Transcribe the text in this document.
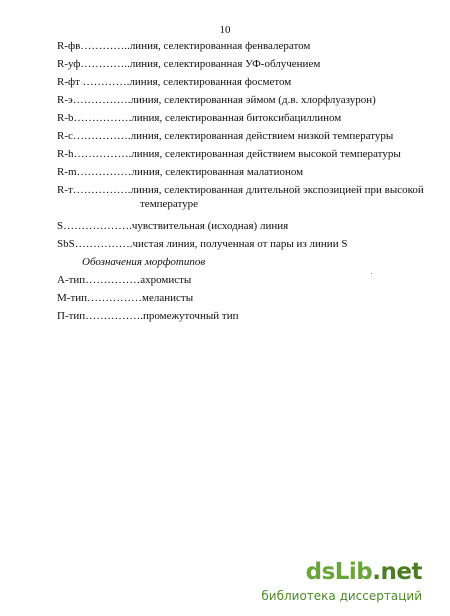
10
R-фв…………..линия, селектированная фенвалератом
R-уф…………..линия, селектированная УФ-облучением
R-фт ………….линия, селектированная фосметом
R-э…………….линия, селектированная эймом (д.в. хлорфлуазурон)
R-b…………….линия, селектированная битоксибациллином
R-c…………….линия, селектированная действием низкой температуры
R-h…………….линия, селектированная действием высокой температуры
R-m……………линия, селектированная малатионом
R-т…………….линия, селектированная длительной экспозицией при высокой
температуре
S……………….чувствительная (исходная) линия
SbS…………….чистая линия, полученная от пары из линии S
Обозначения морфотипов
А-тип……………ахромисты
М-тип……………меланисты
П-тип…………….промежуточный тип
dsLib.net
библиотека диссертаций
